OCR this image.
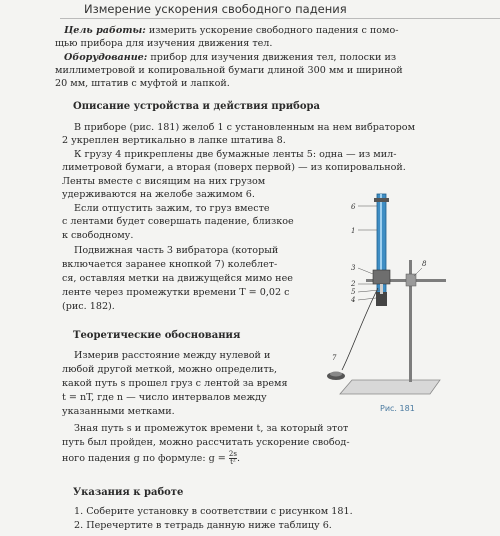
Измерение ускорения свободного падения
Цель работы: измерить ускорение свободного падения с помо-
щью прибора для изучения движения тел.
Оборудование: прибор для изучения движения тел, полоски из
миллиметровой и копировальной бумаги длиной 300 мм и шириной
20 мм, штатив с муфтой и лапкой.
Описание устройства и действия прибора
В приборе (рис. 181) желоб 1 с установленным на нем вибратором
2 укреплен вертикально в лапке штатива 8.
К грузу 4 прикреплены две бумажные ленты 5: одна — из мил-
лиметровой бумаги, а вторая (поверх первой) — из копировальной.
Ленты вместе с висящим на них грузом
удерживаются на желобе зажимом 6.
Если отпустить зажим, то груз вместе
с лентами будет совершать падение, близкое
к свободному.
Подвижная часть 3 вибратора (который
включается заранее кнопкой 7) колеблет-
ся, оставляя метки на движущейся мимо нее
ленте через промежутки времени T = 0,02 с
(рис. 182).
Теоретические обоснования
Измерив расстояние между нулевой и
любой другой меткой, можно определить,
какой путь s прошел груз с лентой за время
t = nT, где n — число интервалов между
указанными метками.
Зная путь s и промежуток времени t, за который этот
путь был пройден, можно рассчитать ускорение свобод-
ного падения g по формуле: $g = \frac{2s}{\text{t²}}$ .
Указания к работе
1. Соберите установку в соответствии с рисунком 181.
2. Перечертите в тетрадь данную ниже таблицу 6.
6
1
3
2
5
4
8
7
Рис. 181
